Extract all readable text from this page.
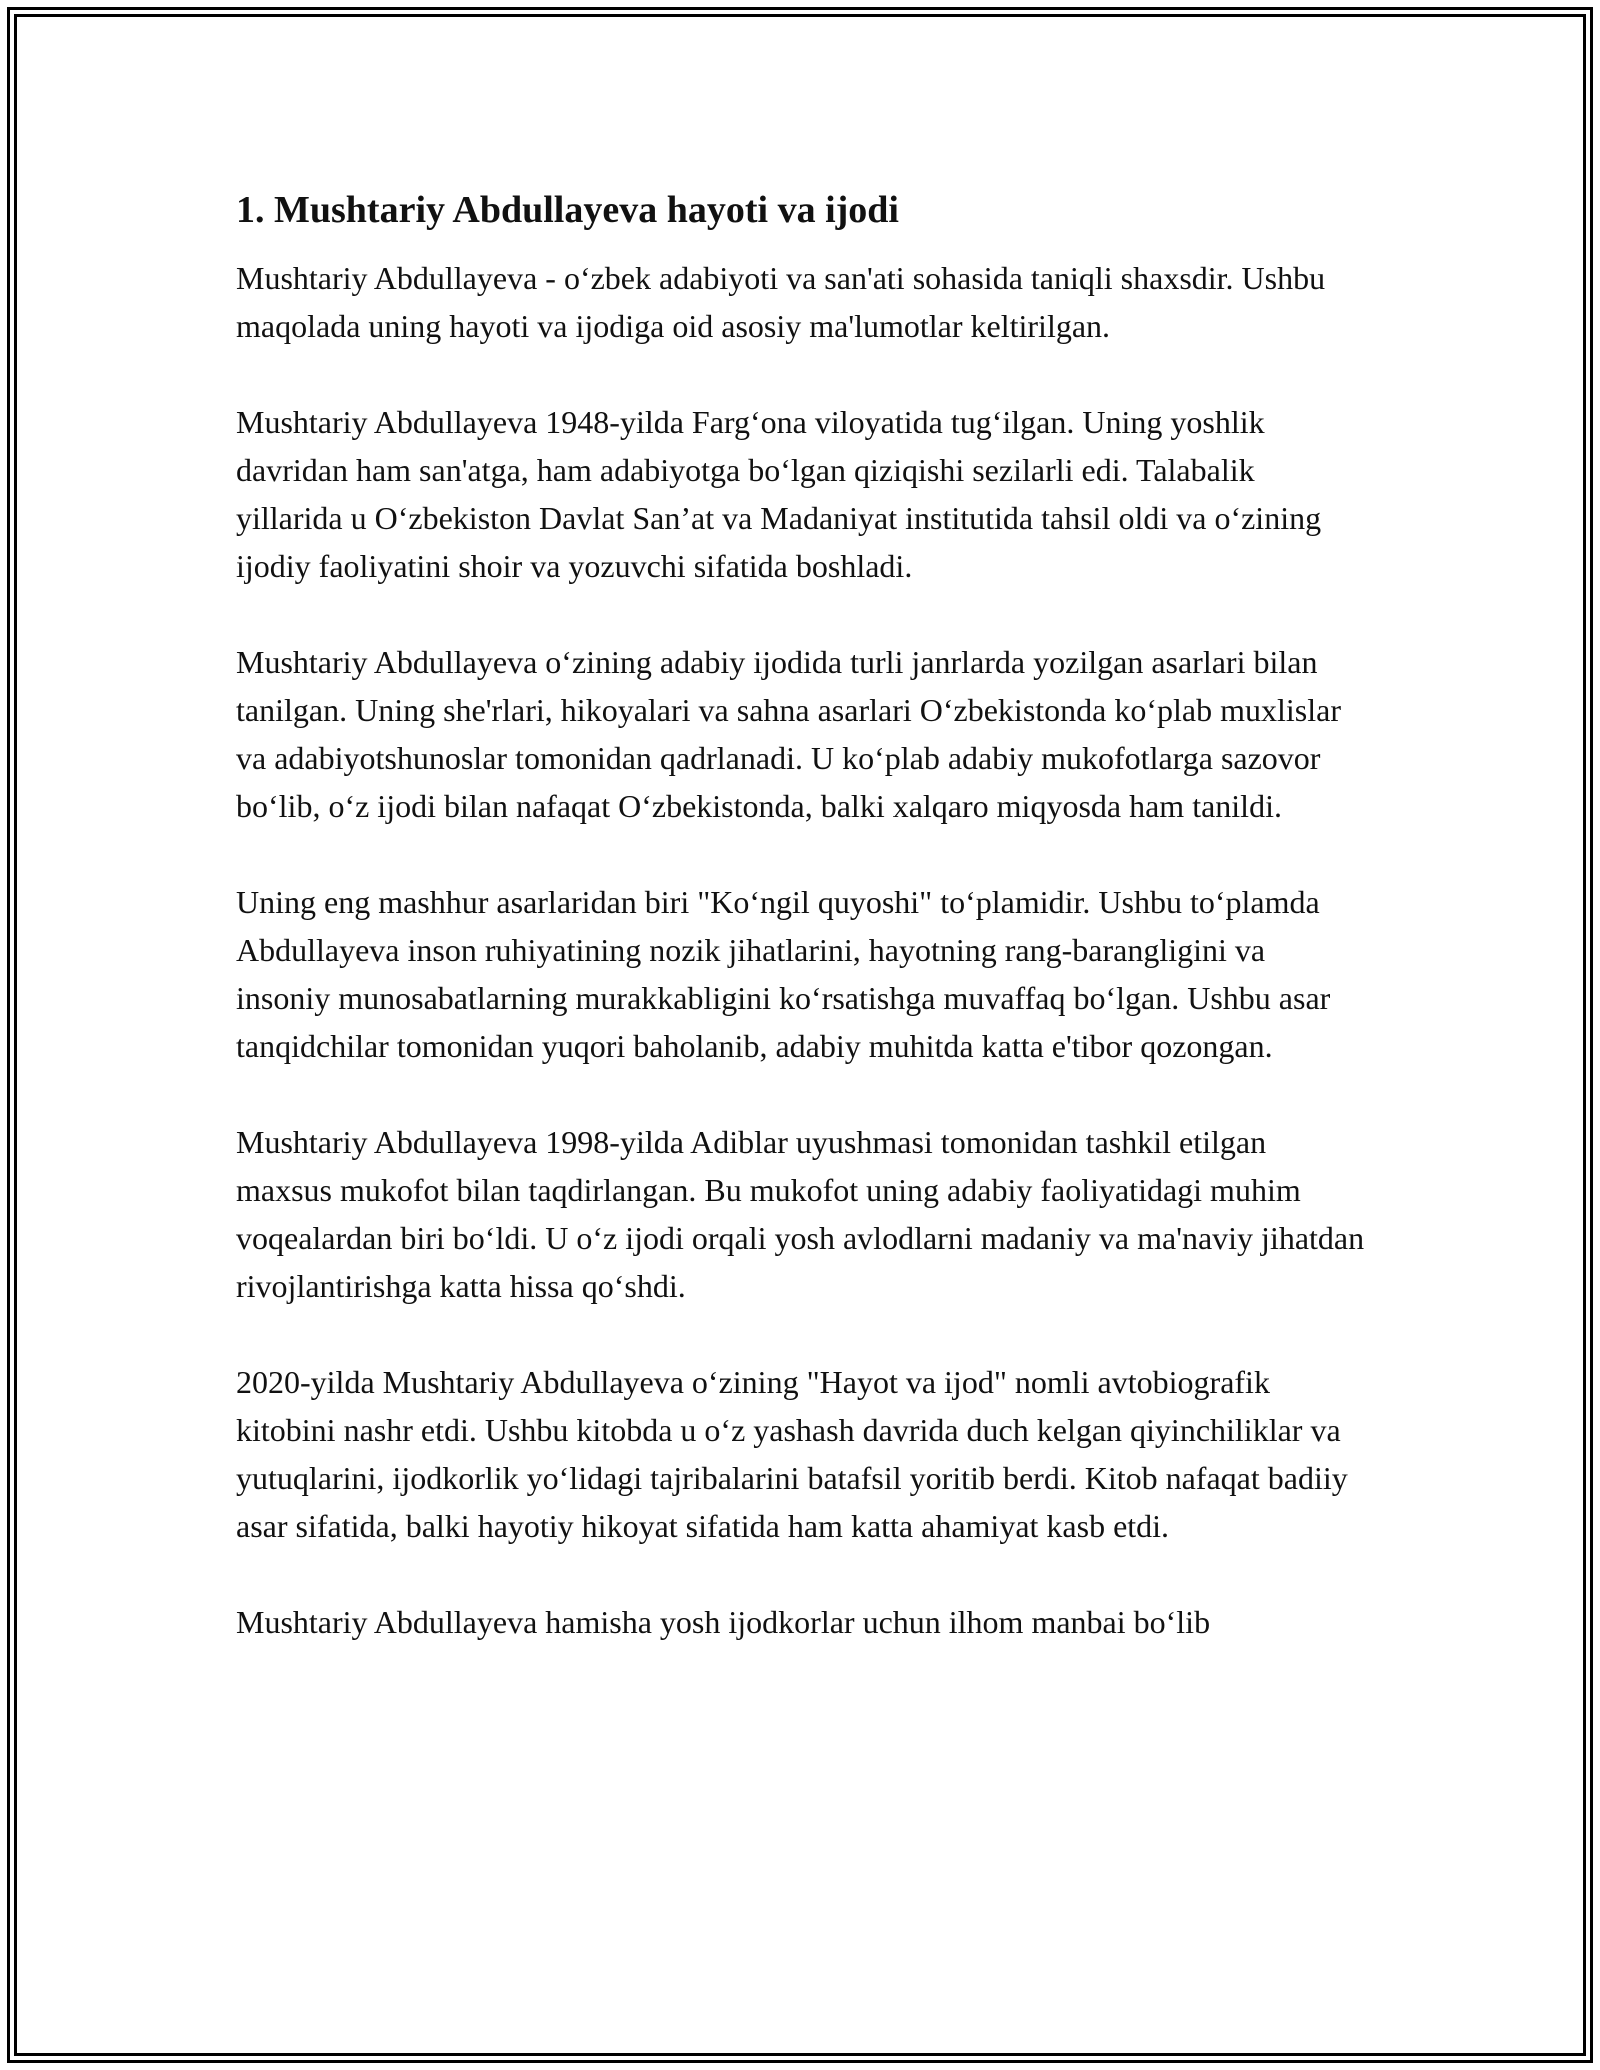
1. Mushtariy Abdullayeva hayoti va ijodi

Mushtariy Abdullayeva - o‘zbek adabiyoti va san'ati sohasida taniqli shaxsdir. Ushbu maqolada uning hayoti va ijodiga oid asosiy ma'lumotlar keltirilgan.

Mushtariy Abdullayeva 1948-yilda Farg‘ona viloyatida tug‘ilgan. Uning yoshlik davridan ham san'atga, ham adabiyotga bo‘lgan qiziqishi sezilarli edi. Talabalik yillarida u O‘zbekiston Davlat San’at va Madaniyat institutida tahsil oldi va o‘zining ijodiy faoliyatini shoir va yozuvchi sifatida boshladi.

Mushtariy Abdullayeva o‘zining adabiy ijodida turli janrlarda yozilgan asarlari bilan tanilgan. Uning she'rlari, hikoyalari va sahna asarlari O‘zbekistonda ko‘plab muxlislar va adabiyotshunoslar tomonidan qadrlanadi. U ko‘plab adabiy mukofotlarga sazovor bo‘lib, o‘z ijodi bilan nafaqat O‘zbekistonda, balki xalqaro miqyosda ham tanildi.

Uning eng mashhur asarlaridan biri "Ko‘ngil quyoshi" to‘plamidir. Ushbu to‘plamda Abdullayeva inson ruhiyatining nozik jihatlarini, hayotning rang-barangligini va insoniy munosabatlarning murakkabligini ko‘rsatishga muvaffaq bo‘lgan. Ushbu asar tanqidchilar tomonidan yuqori baholanib, adabiy muhitda katta e'tibor qozongan.

Mushtariy Abdullayeva 1998-yilda Adiblar uyushmasi tomonidan tashkil etilgan maxsus mukofot bilan taqdirlangan. Bu mukofot uning adabiy faoliyatidagi muhim voqealardan biri bo‘ldi. U o‘z ijodi orqali yosh avlodlarni madaniy va ma'naviy jihatdan rivojlantirishga katta hissa qo‘shdi.

2020-yilda Mushtariy Abdullayeva o‘zining "Hayot va ijod" nomli avtobiografik kitobini nashr etdi. Ushbu kitobda u o‘z yashash davrida duch kelgan qiyinchiliklar va yutuqlarini, ijodkorlik yo‘lidagi tajribalarini batafsil yoritib berdi. Kitob nafaqat badiiy asar sifatida, balki hayotiy hikoyat sifatida ham katta ahamiyat kasb etdi.

Mushtariy Abdullayeva hamisha yosh ijodkorlar uchun ilhom manbai bo‘lib
